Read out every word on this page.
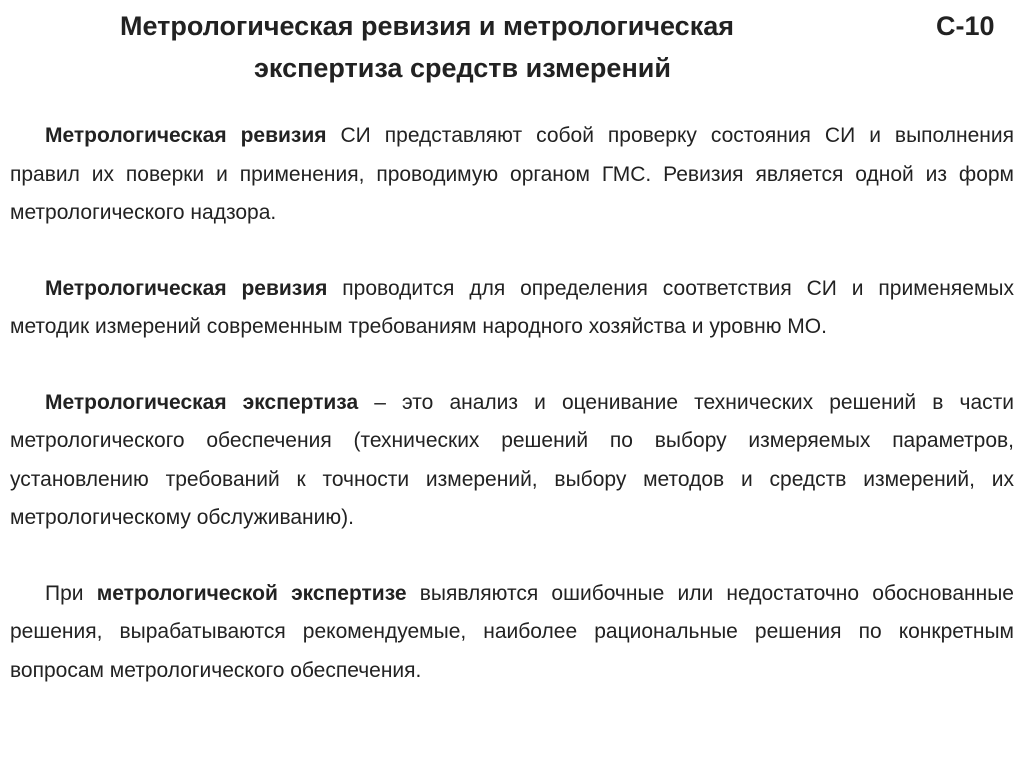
Метрологическая ревизия и метрологическая	С-10
экспертиза средств измерений

Метрологическая ревизия СИ представляют собой проверку состояния СИ и выполнения правил их поверки и применения, проводимую органом ГМС. Ревизия является одной из форм метрологического надзора.

Метрологическая ревизия проводится для определения соответствия СИ и применяемых методик измерений современным требованиям народного хозяйства и уровню МО.

Метрологическая экспертиза – это анализ и оценивание технических решений в части метрологического обеспечения (технических решений по выбору измеряемых параметров, установлению требований к точности измерений, выбору методов и средств измерений, их метрологическому обслуживанию).

При метрологической экспертизе выявляются ошибочные или недостаточно обоснованные решения, вырабатываются рекомендуемые, наиболее рациональные решения по конкретным вопросам метрологического обеспечения.
